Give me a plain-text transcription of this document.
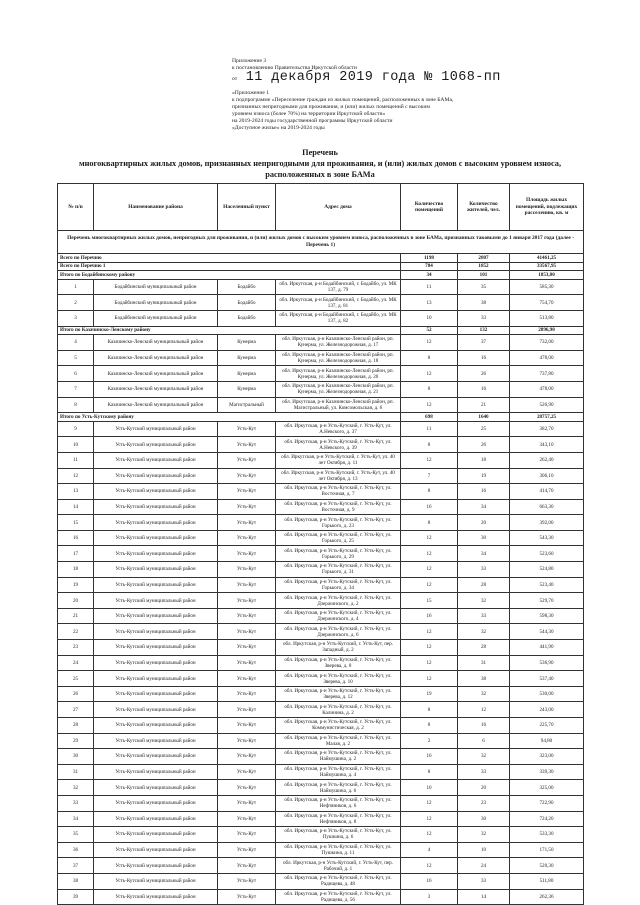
Приложение 3
к постановлению Правительства Иркутской области
от 11 декабря 2019 года № 1068-пп
«Приложение 1
к подпрограмме «Переселение граждан из жилых помещений, расположенных в зоне БАМа,
признанных непригодными для проживания, и (или) жилых помещений с высоким
уровнем износа (более 70%) на территории Иркутской области»
на 2019-2024 годы государственной программы Иркутской области
«Доступное жилье» на 2019-2024 годы
Перечень
многоквартирных жилых домов, признанных непригодными для проживания, и (или) жилых домов с высоким уровнем износа,
расположенных в зоне БАМа
№ п/п	Наименование района	Населенный пункт	Адрес дома	Количество помещений	Количество жителей, чел.	Площадь жилых помещений, подлежащих расселению, кв. м
Перечень многоквартирных жилых домов, непригодных для проживания, и (или) жилых домов с высоким уровнем износа, расположенных в зоне БАМа, признанных таковыми до 1 января 2017 года (далее - Перечень 1)						
Всего по Перечню				1198	2807	41461,25
Всего по Перечню 1				784	1852	33567,95
Итого по Бодайбинскому району				34	101	1853,80
1	Бодайбинский муниципальный район	Бодайбо	обл. Иркутская, р-н Бодайбинский, г. Бодайбо, ул. МК 137, д. 79	11	35	585,30
2	Бодайбинский муниципальный район	Бодайбо	обл. Иркутская, р-н Бодайбинский, г. Бодайбо, ул. МК 137, д. 81	13	38	754,70
3	Бодайбинский муниципальный район	Бодайбо	обл. Иркутская, р-н Бодайбинский, г. Бодайбо, ул. МК 137, д. 82	10	33	513,80
Итого по Казачинско-Ленскому району				52	132	2896,90
4	Казачинско-Ленский муниципальный район	Кунерма	обл. Иркутская, р-н Казачинско-Ленский район, рп. Кунерма, ул. Железнодорожная, д. 17	12	37	732,00
5	Казачинско-Ленский муниципальный район	Кунерма	обл. Иркутская, р-н Казачинско-Ленский район, рп. Кунерма, ул. Железнодорожная, д. 18	8	16	478,00
6	Казачинско-Ленский муниципальный район	Кунерма	обл. Иркутская, р-н Казачинско-Ленский район, рп. Кунерма, ул. Железнодорожная, д. 20	12	26	737,80
7	Казачинско-Ленский муниципальный район	Кунерма	обл. Иркутская, р-н Казачинско-Ленский район, рп. Кунерма, ул. Железнодорожная, д. 21	8	16	478,00
8	Казачинско-Ленский муниципальный район	Магистральный	обл. Иркутская, р-н Казачинско-Ленский район, рп. Магистральный, ул. Комсомольская, д. 6	12	21	526,90
Итого по Усть-Кутскому району				698	1640	28757,25
9	Усть-Кутский муниципальный район	Усть-Кут	обл. Иркутская, р-н Усть-Кутский, г. Усть-Кут, ул. А.Невского, д. 37	11	25	382,70
10	Усть-Кутский муниципальный район	Усть-Кут	обл. Иркутская, р-н Усть-Кутский, г. Усть-Кут, ул. А.Невского, д. 39	8	26	343,10
11	Усть-Кутский муниципальный район	Усть-Кут	обл. Иркутская, р-н Усть-Кутский, г. Усть-Кут, ул. 40 лет Октября, д. 11	12	18	262,40
12	Усть-Кутский муниципальный район	Усть-Кут	обл. Иркутская, р-н Усть-Кутский, г. Усть-Кут, ул. 40 лет Октября, д. 13	7	19	306,10
13	Усть-Кутский муниципальный район	Усть-Кут	обл. Иркутская, р-н Усть-Кутский, г. Усть-Кут, ул. Восточная, д. 7	8	16	414,70
14	Усть-Кутский муниципальный район	Усть-Кут	обл. Иркутская, р-н Усть-Кутский, г. Усть-Кут, ул. Восточная, д. 9	16	34	663,30
15	Усть-Кутский муниципальный район	Усть-Кут	обл. Иркутская, р-н Усть-Кутский, г. Усть-Кут, ул. Горького, д. 23	8	20	392,00
16	Усть-Кутский муниципальный район	Усть-Кут	обл. Иркутская, р-н Усть-Кутский, г. Усть-Кут, ул. Горького, д. 25	12	30	543,30
17	Усть-Кутский муниципальный район	Усть-Кут	обл. Иркутская, р-н Усть-Кутский, г. Усть-Кут, ул. Горького, д. 29	12	34	523,60
18	Усть-Кутский муниципальный район	Усть-Кут	обл. Иркутская, р-н Усть-Кутский, г. Усть-Кут, ул. Горького, д. 31	12	33	524,80
19	Усть-Кутский муниципальный район	Усть-Кут	обл. Иркутская, р-н Усть-Кутский, г. Усть-Кут, ул. Горького, д. 34	12	28	523,40
20	Усть-Кутский муниципальный район	Усть-Кут	обл. Иркутская, р-н Усть-Кутский, г. Усть-Кут, ул. Дзержинского, д. 2	15	32	529,70
21	Усть-Кутский муниципальный район	Усть-Кут	обл. Иркутская, р-н Усть-Кутский, г. Усть-Кут, ул. Дзержинского, д. 4	16	33	598,30
22	Усть-Кутский муниципальный район	Усть-Кут	обл. Иркутская, р-н Усть-Кутский, г. Усть-Кут, ул. Дзержинского, д. 6	12	32	544,30
23	Усть-Кутский муниципальный район	Усть-Кут	обл. Иркутская, р-н Усть-Кутский, г. Усть-Кут, пер. Западный, д. 2	12	28	441,90
24	Усть-Кутский муниципальный район	Усть-Кут	обл. Иркутская, р-н Усть-Кутский, г. Усть-Кут, ул. Зверева, д. 8	12	31	536,90
25	Усть-Кутский муниципальный район	Усть-Кут	обл. Иркутская, р-н Усть-Кутский, г. Усть-Кут, ул. Зверева, д. 10	12	38	537,40
26	Усть-Кутский муниципальный район	Усть-Кут	обл. Иркутская, р-н Усть-Кутский, г. Усть-Кут, ул. Зверева, д. 12	19	32	530,00
27	Усть-Кутский муниципальный район	Усть-Кут	обл. Иркутская, р-н Усть-Кутский, г. Усть-Кут, ул. Калинина, д. 2	8	12	243,00
28	Усть-Кутский муниципальный район	Усть-Кут	обл. Иркутская, р-н Усть-Кутский, г. Усть-Кут, ул. Коммунистическая, д. 2	8	16	225,70
29	Усть-Кутский муниципальный район	Усть-Кут	обл. Иркутская, р-н Усть-Кутский, г. Усть-Кут, ул. Малая, д. 2	2	6	94,80
30	Усть-Кутский муниципальный район	Усть-Кут	обл. Иркутская, р-н Усть-Кутский, г. Усть-Кут, ул. Наймушина, д. 2	16	32	323,00
31	Усть-Кутский муниципальный район	Усть-Кут	обл. Иркутская, р-н Усть-Кутский, г. Усть-Кут, ул. Наймушина, д. 4	8	33	339,30
32	Усть-Кутский муниципальный район	Усть-Кут	обл. Иркутская, р-н Усть-Кутский, г. Усть-Кут, ул. Наймушина, д. 6	10	20	325,00
33	Усть-Кутский муниципальный район	Усть-Кут	обл. Иркутская, р-н Усть-Кутский, г. Усть-Кут, ул. Нефтяников, д. 6	12	23	722,90
34	Усть-Кутский муниципальный район	Усть-Кут	обл. Иркутская, р-н Усть-Кутский, г. Усть-Кут, ул. Нефтяников, д. 8	12	30	724,20
35	Усть-Кутский муниципальный район	Усть-Кут	обл. Иркутская, р-н Усть-Кутский, г. Усть-Кут, ул. Пушкина, д. 6	12	32	533,30
36	Усть-Кутский муниципальный район	Усть-Кут	обл. Иркутская, р-н Усть-Кутский, г. Усть-Кут, ул. Пушкина, д. 11	4	10	171,50
37	Усть-Кутский муниципальный район	Усть-Кут	обл. Иркутская, р-н Усть-Кутский, г. Усть-Кут, пер. Рабочий, д. 1	12	24	520,30
38	Усть-Кутский муниципальный район	Усть-Кут	обл. Иркутская, р-н Усть-Кутский, г. Усть-Кут, ул. Радищева, д. 48	16	33	511,80
39	Усть-Кутский муниципальный район	Усть-Кут	обл. Иркутская, р-н Усть-Кутский, г. Усть-Кут, ул. Радищева, д. 56	3	14	262,36
